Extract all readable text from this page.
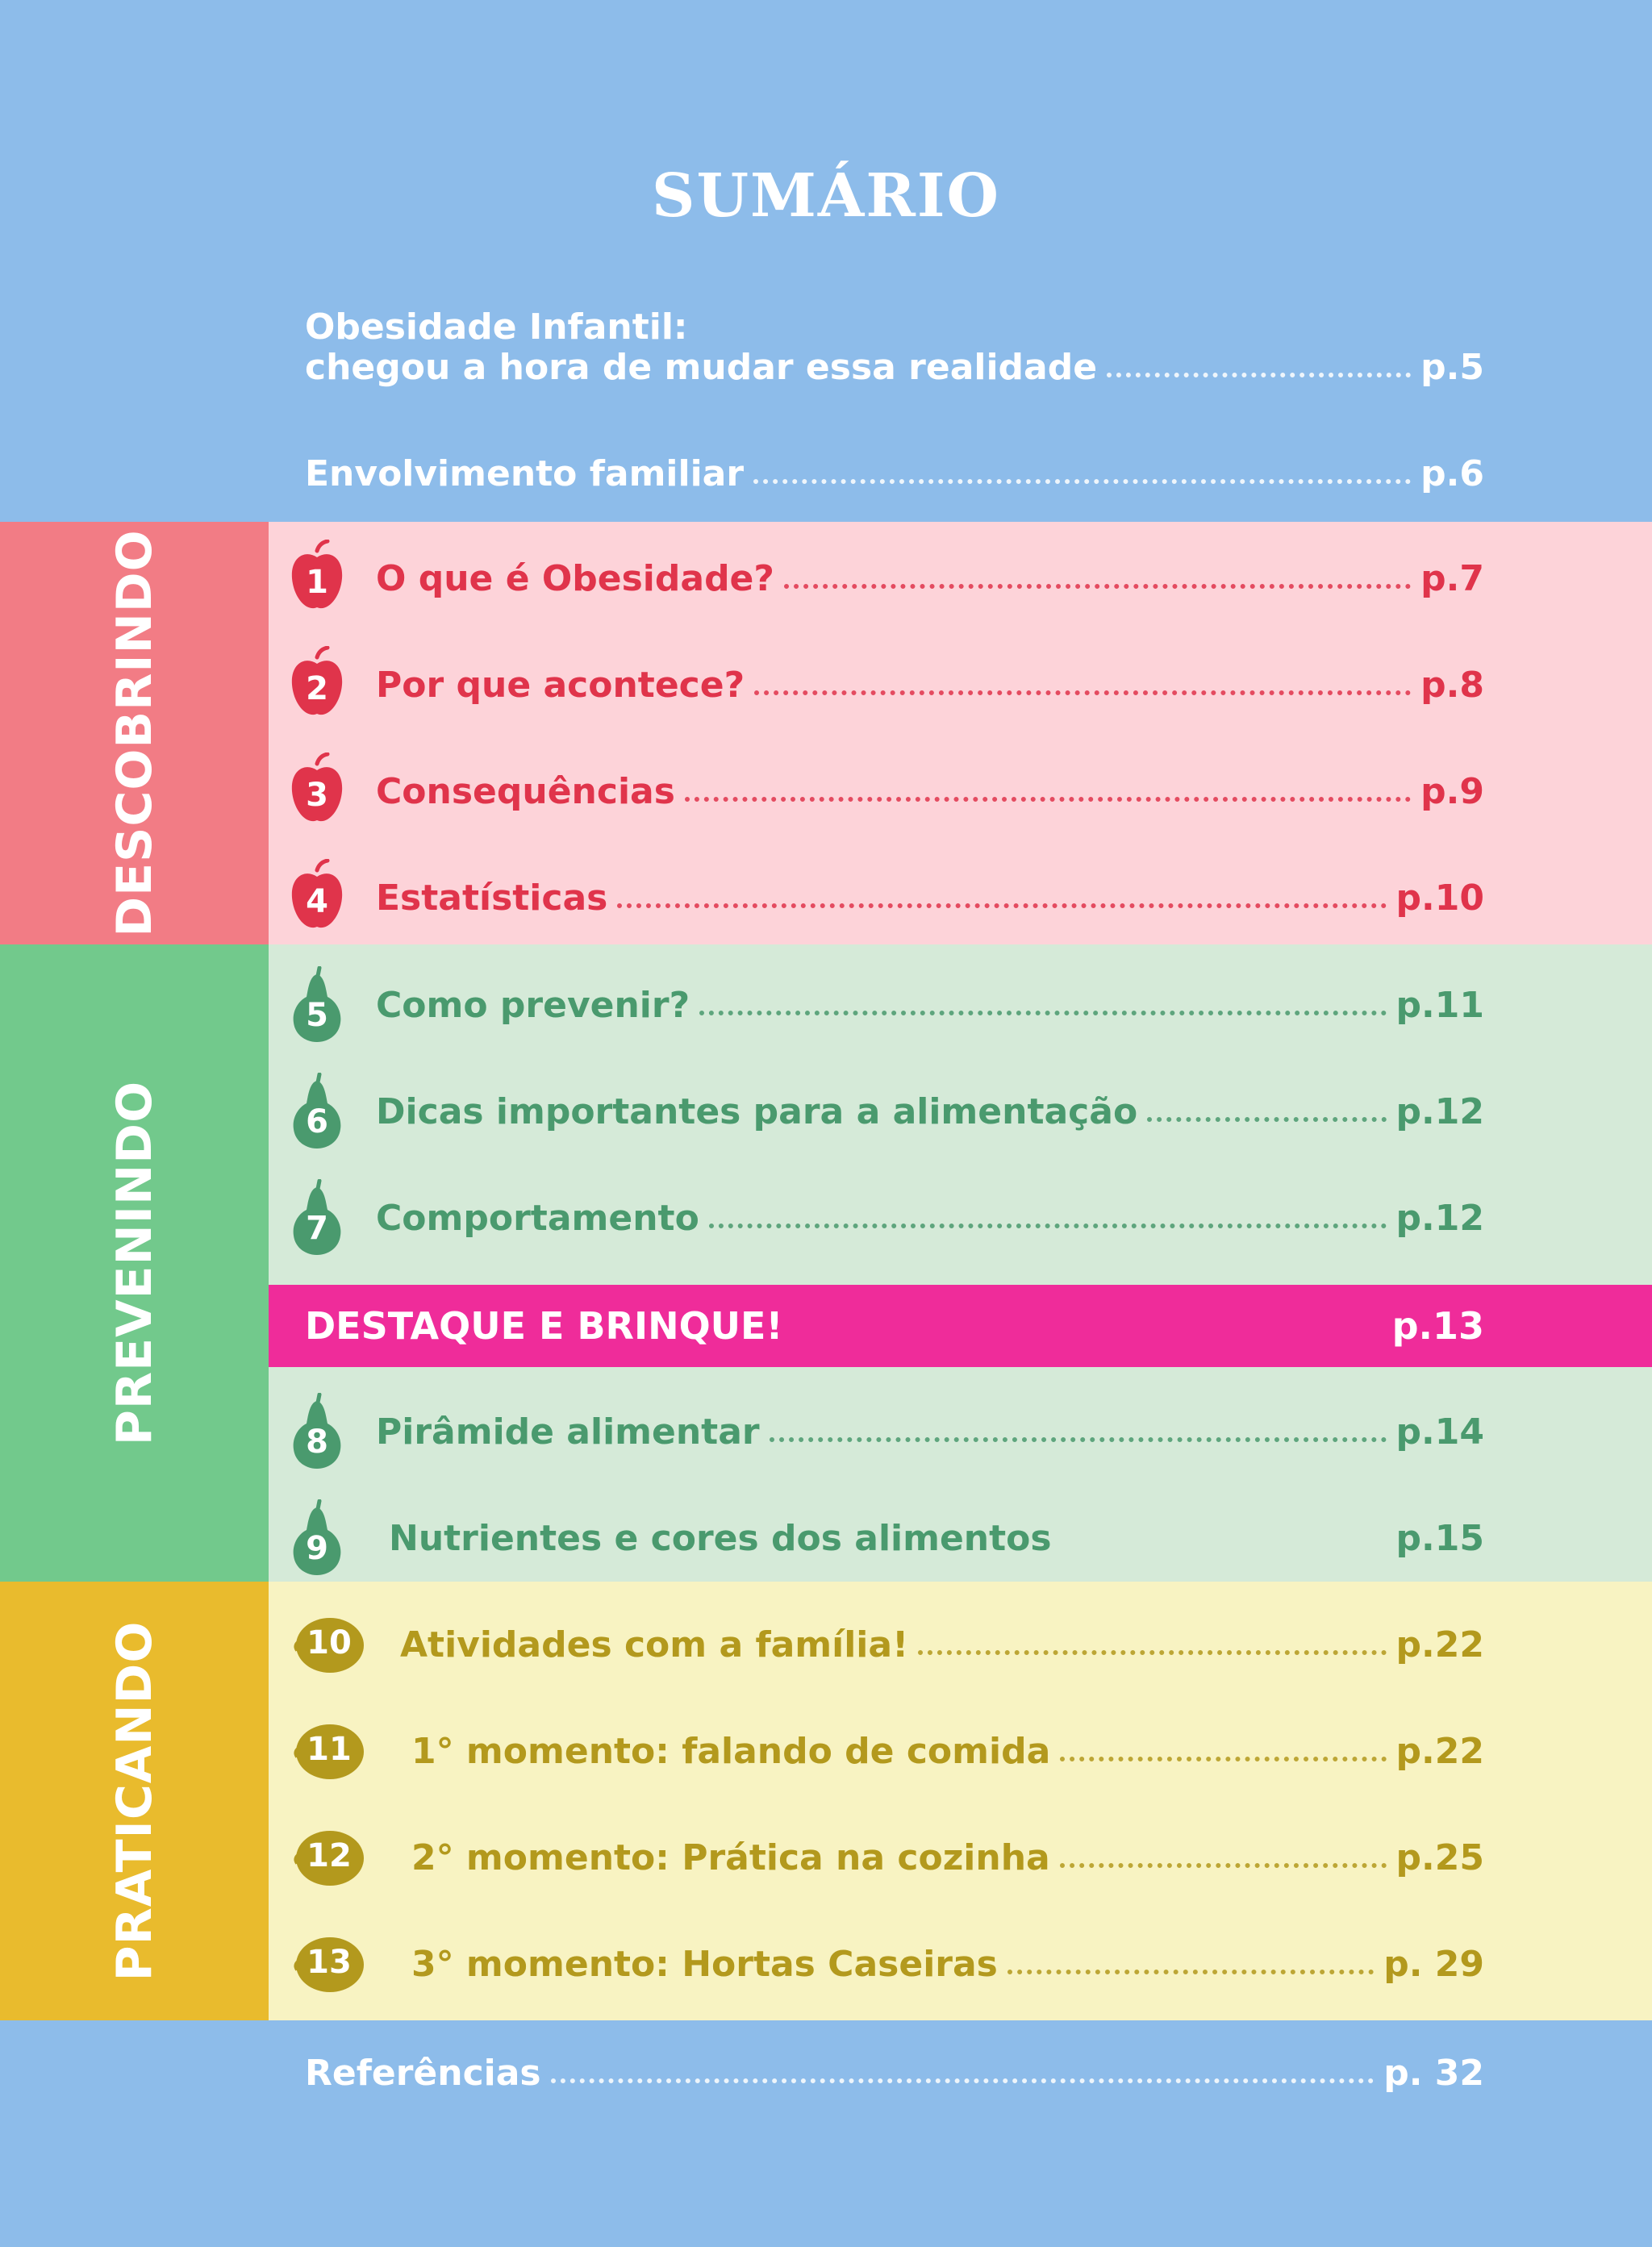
SUMÁRIO
Obesidade Infantil:
chegou a hora de mudar essa realidade	p.5
Envolvimento familiar	p.6
DESCOBRINDO
PREVENINDO
PRATICANDO
DESTAQUE E BRINQUE!	p.13
1	O que é Obesidade?	p.7
2	Por que acontece?	p.8
3	Consequências	p.9
4	Estatísticas	p.10
5	Como prevenir?	p.11
6	Dicas importantes para a alimentação	p.12
7	Comportamento	p.12
8	Pirâmide alimentar	p.14
9	Nutrientes e cores dos alimentos	p.15
10	Atividades com a família!	p.22
11	1° momento: falando de comida	p.22
12	2° momento: Prática na cozinha	p.25
13	3° momento: Hortas Caseiras	p. 29
Referências	p. 32
